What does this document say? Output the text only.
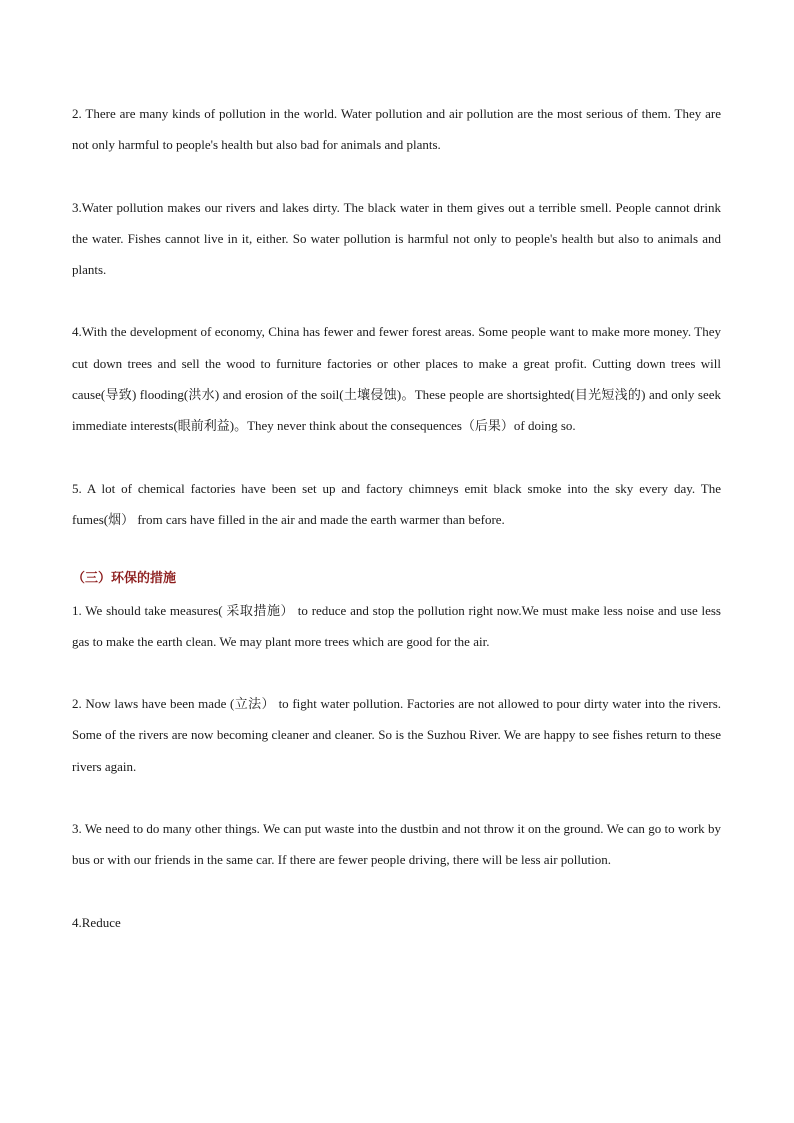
2. There are many kinds of pollution in the world. Water pollution and air pollution are the most serious of them. They are not only harmful to people's health but also bad for animals and plants.

3.Water pollution makes our rivers and lakes dirty. The black water in them gives out a terrible smell. People cannot drink the water. Fishes cannot live in it, either. So water pollution is harmful not only to people's health but also to animals and plants.

4.With the development of economy, China has fewer and fewer forest areas. Some people want to make more money. They cut down trees and sell the wood to furniture factories or other places to make a great profit. Cutting down trees will cause(导致) flooding(洪水) and erosion of the soil(土壤侵蚀)。These people are shortsighted(目光短浅的) and only seek immediate interests(眼前利益)。They never think about the consequences（后果）of doing so.

5. A lot of chemical factories have been set up and factory chimneys emit black smoke into the sky every day. The fumes(烟） from cars have filled in the air and made the earth warmer than before.

（三）环保的措施

1. We should take measures( 采取措施） to reduce and stop the pollution right now.We must make less noise and use less gas to make the earth clean. We may plant more trees which are good for the air.

2. Now laws have been made (立法） to fight water pollution. Factories are not allowed to pour dirty water into the rivers. Some of the rivers are now becoming cleaner and cleaner. So is the Suzhou River. We are happy to see fishes return to these rivers again.

3. We need to do many other things. We can put waste into the dustbin and not throw it on the ground. We can go to work by bus or with our friends in the same car. If there are fewer people driving, there will be less air pollution.

4.Reduce
